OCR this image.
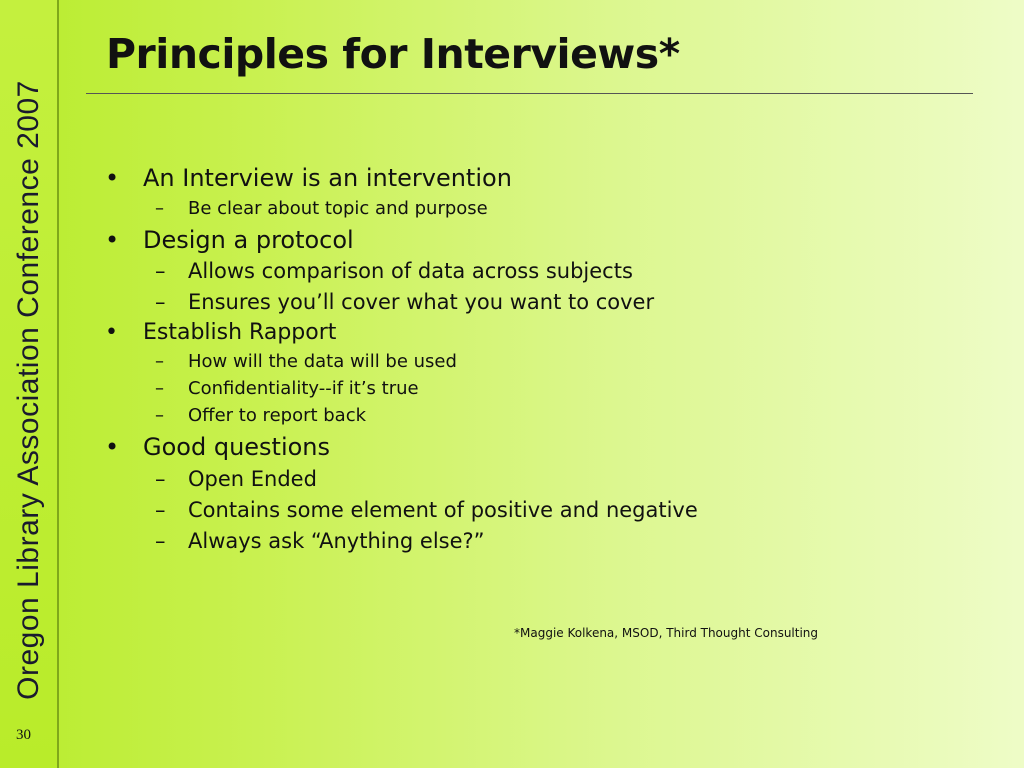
Oregon Library Association Conference 2007
30
Principles for Interviews*
• An Interview is an intervention
– Be clear about topic and purpose
• Design a protocol
– Allows comparison of data across subjects
– Ensures you’ll cover what you want to cover
• Establish Rapport
– How will the data will be used
– Confidentiality--if it’s true
– Offer to report back
• Good questions
– Open Ended
– Contains some element of positive and negative
– Always ask “Anything else?”
*Maggie Kolkena, MSOD, Third Thought Consulting
